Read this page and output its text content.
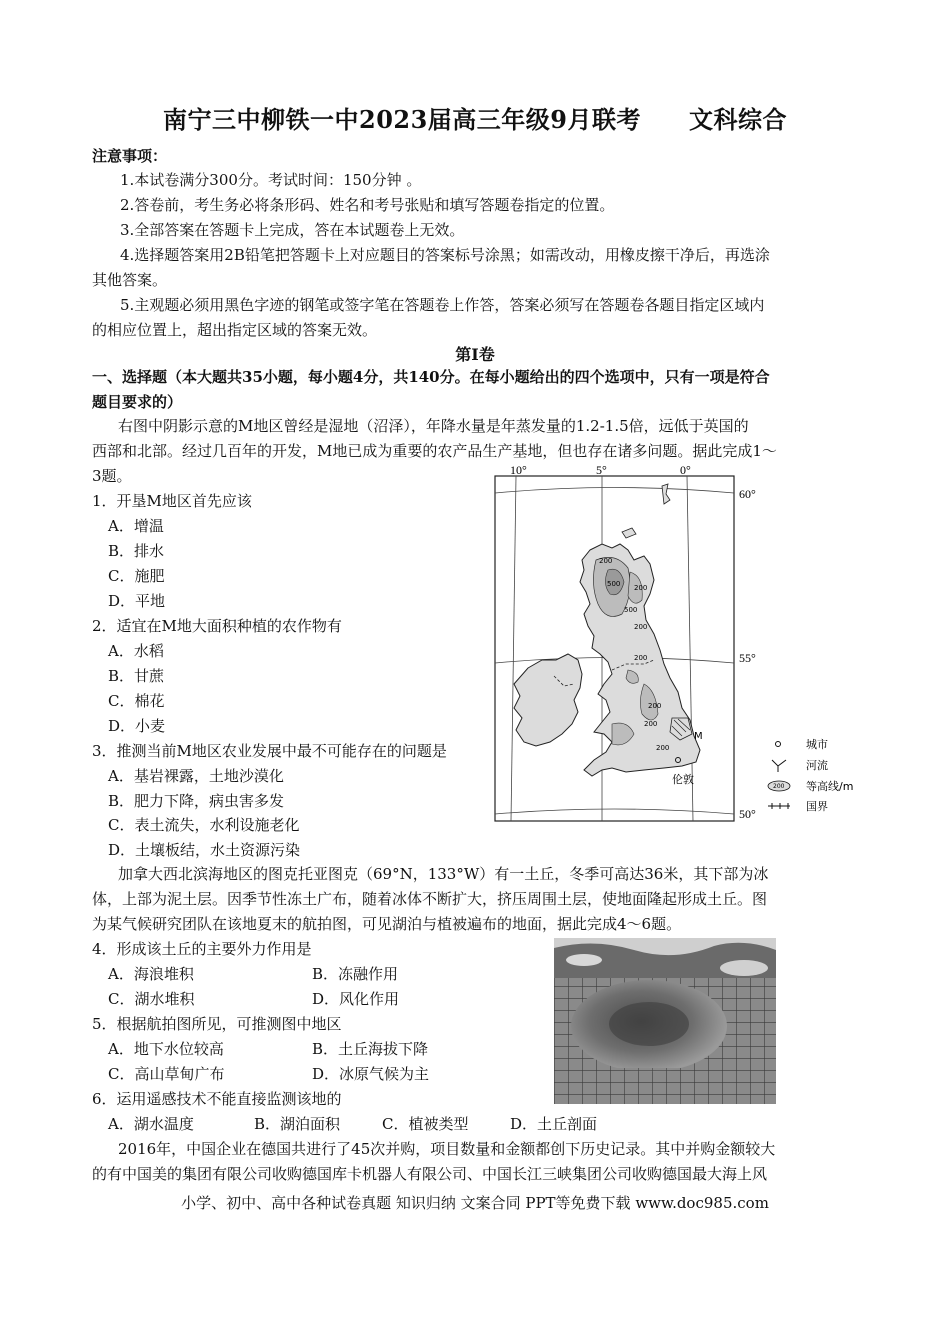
南宁三中柳铁一中2023届高三年级9月联考 文科综合
注意事项：
1.本试卷满分300分。考试时间：150分钟 。
2.答卷前，考生务必将条形码、姓名和考号张贴和填写答题卷指定的位置。
3.全部答案在答题卡上完成，答在本试题卷上无效。
4.选择题答案用2B铅笔把答题卡上对应题目的答案标号涂黑；如需改动，用橡皮擦干净后，再选涂
其他答案。
5.主观题必须用黑色字迹的钢笔或签字笔在答题卷上作答，答案必须写在答题卷各题目指定区域内
的相应位置上，超出指定区域的答案无效。
第Ⅰ卷
一、选择题（本大题共35小题，每小题4分，共140分。在每小题给出的四个选项中，只有一项是符合
题目要求的）
右图中阴影示意的M地区曾经是湿地（沼泽），年降水量是年蒸发量的1.2-1.5倍，远低于英国的
西部和北部。经过几百年的开发，M地已成为重要的农产品生产基地，但也存在诸多问题。据此完成1～
3题。
1．开垦M地区首先应该
A．增温
B．排水
C．施肥
D．平地
2．适宜在M地大面积种植的农作物有
A．水稻
B．甘蔗
C．棉花
D．小麦
3．推测当前M地区农业发展中最不可能存在的问题是
A．基岩裸露，土地沙漠化
B．肥力下降，病虫害多发
C．表土流失，水利设施老化
D．土壤板结，水土资源污染
10°	5°	0°
60°
55°
50°
200
500
500
200
200
200
200
200
200
M
伦敦
城市
河流
200 等高线/m
国界
加拿大西北滨海地区的图克托亚图克（69°N，133°W）有一土丘，冬季可高达36米，其下部为冰
体，上部为泥土层。因季节性冻土广布，随着冰体不断扩大，挤压周围土层，使地面隆起形成土丘。图
为某气候研究团队在该地夏末的航拍图，可见湖泊与植被遍布的地面，据此完成4～6题。
4．形成该土丘的主要外力作用是
A．海浪堆积	B．冻融作用
C．湖水堆积	D．风化作用
5．根据航拍图所见，可推测图中地区
A．地下水位较高	B．土丘海拔下降
C．高山草甸广布	D．冰原气候为主
6．运用遥感技术不能直接监测该地的
A．湖水温度	B．湖泊面积	C．植被类型	D．土丘剖面
2016年，中国企业在德国共进行了45次并购，项目数量和金额都创下历史记录。其中并购金额较大
的有中国美的集团有限公司收购德国库卡机器人有限公司、中国长江三峡集团公司收购德国最大海上风
小学、初中、高中各种试卷真题 知识归纳 文案合同 PPT等免费下载 www.doc985.com
